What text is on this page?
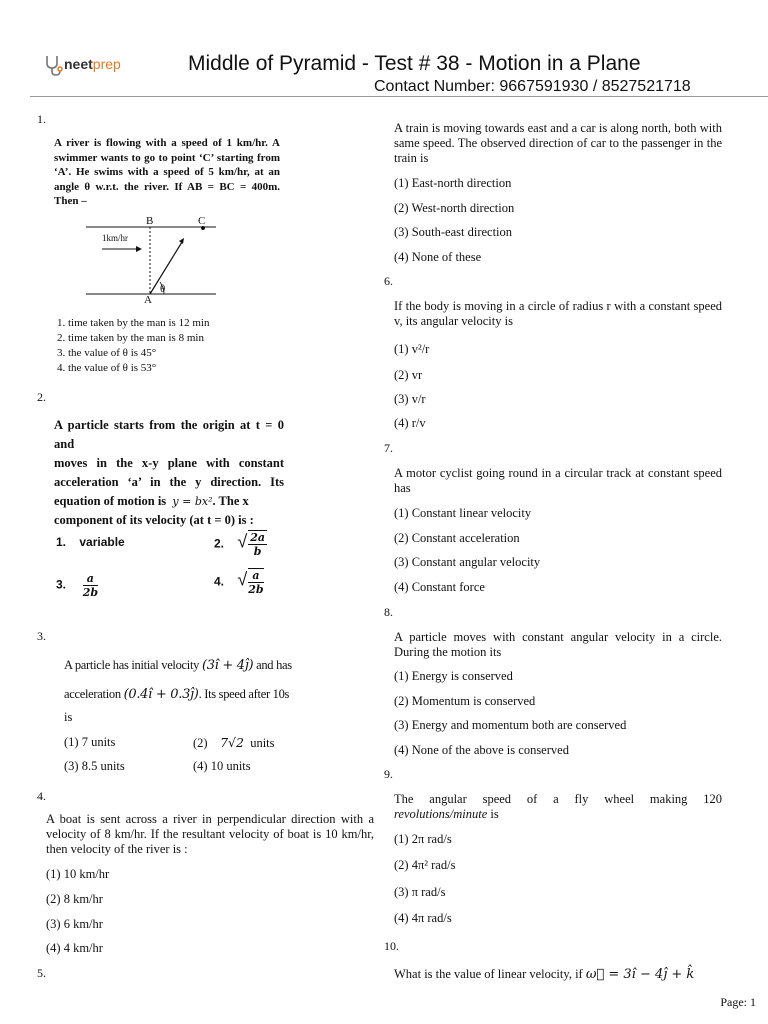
neetprep	Middle of Pyramid - Test # 38 - Motion in a Plane
Contact Number: 9667591930 / 8527521718
1.
A river is flowing with a speed of 1 km/hr. A swimmer wants to go to point ‘C’ starting from ‘A’. He swims with a speed of 5 km/hr, at an angle θ w.r.t. the river. If AB = BC = 400m. Then –
B	C
A
θ
1km/hr
1. time taken by the man is 12 min
2. time taken by the man is 8 min
3. the value of θ is 45°
4. the value of θ is 53°
2.
A particle starts from the origin at t = 0 and
moves in the x-y plane with constant
acceleration ‘a’ in the y direction. Its
equation of motion is y = bx². The x
component of its velocity (at t = 0) is :
1. variable	2. √ $\frac{2a}{b}$
3. $\frac{a}{2b}$	4. √ $\frac{a}{2b}$
3.
A particle has initial velocity (3î + 4ĵ) and has
acceleration (0.4î + 0.3ĵ). Its speed after 10s
is
(1) 7 units	(2) 7√2 units
(3) 8.5 units	(4) 10 units
4.
A boat is sent across a river in perpendicular direction with a velocity of 8 km/hr. If the resultant velocity of boat is 10 km/hr, then velocity of the river is :
(1) 10 km/hr
(2) 8 km/hr
(3) 6 km/hr
(4) 4 km/hr
5.
A train is moving towards east and a car is along north, both with same speed. The observed direction of car to the passenger in the train is
(1) East-north direction
(2) West-north direction
(3) South-east direction
(4) None of these
6.
If the body is moving in a circle of radius r with a constant speed v, its angular velocity is
(1) v²/r
(2) vr
(3) v/r
(4) r/v
7.
A motor cyclist going round in a circular track at constant speed has
(1) Constant linear velocity
(2) Constant acceleration
(3) Constant angular velocity
(4) Constant force
8.
A particle moves with constant angular velocity in a circle. During the motion its
(1) Energy is conserved
(2) Momentum is conserved
(3) Energy and momentum both are conserved
(4) None of the above is conserved
9.
The angular speed of a fly wheel making 120
revolutions/minute is
(1) 2π rad/s
(2) 4π² rad/s
(3) π rad/s
(4) 4π rad/s
10.
What is the value of linear velocity, if ω⃗ = 3î − 4ĵ + k̂
Page: 1
